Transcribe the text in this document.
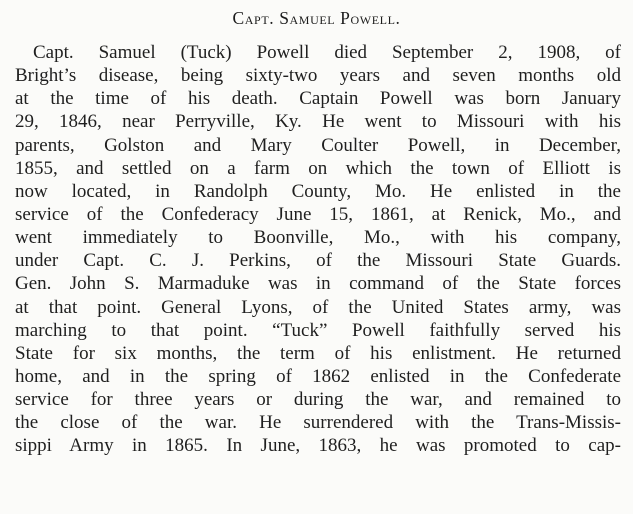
Capt. Samuel Powell.
Capt. Samuel (Tuck) Powell died September 2, 1908, of
Bright’s disease, being sixty-two years and seven months old
at the time of his death. Captain Powell was born January
29, 1846, near Perryville, Ky. He went to Missouri with his
parents, Golston and Mary Coulter Powell, in December,
1855, and settled on a farm on which the town of Elliott is
now located, in Randolph County, Mo. He enlisted in the
service of the Confederacy June 15, 1861, at Renick, Mo., and
went immediately to Boonville, Mo., with his company,
under Capt. C. J. Perkins, of the Missouri State Guards.
Gen. John S. Marmaduke was in command of the State forces
at that point. General Lyons, of the United States army, was
marching to that point. “Tuck” Powell faithfully served his
State for six months, the term of his enlistment. He returned
home, and in the spring of 1862 enlisted in the Confederate
service for three years or during the war, and remained to
the close of the war. He surrendered with the Trans-Missis-
sippi Army in 1865. In June, 1863, he was promoted to cap-
